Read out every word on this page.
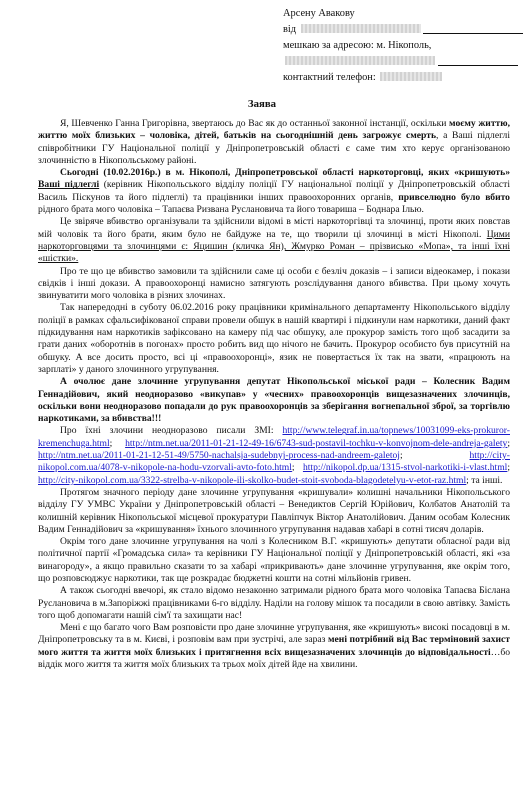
Арсену Авакову
від
мешкаю за адресою: м. Нікополь,

контактний телефон:
Заява

Я, Шевченко Ганна Григорівна, звертаюсь до Вас як до останньої законної інстанції, оскільки моєму життю, життю моїх близьких – чоловіка, дітей, батьків на сьогоднішній день загрожує смерть, а Ваші підлеглі співробітники ГУ Національної поліції у Дніпропетровській області є саме тим хто керує організованою злочинністю в Нікопольському районі.

Сьогодні (10.02.2016р.) в м. Нікополі, Дніпропетровської області наркоторговці, яких «кришують» Ваші підлеглі (керівник Нікопольського відділу поліції ГУ національної поліції у Дніпропетровській області Василь Піскунов та його підлеглі) та працівники інших правоохоронних органів, привселюдно було вбито рідного брата мого чоловіка – Тапаєва Ризвана Руслановича та його товариша – Боднара Ілью.

Це звіряче вбивство організували та здійснили відомі в місті наркоторгівці та злочинці, проти яких повстав мій чоловік та його брати, яким було не байдуже на те, що творили ці злочинці в місті Нікополі. Цими наркоторговцями та злочинцями є: Яцишин (кличка Ян), Жмурко Роман – прізвисько «Мопа», та інші їхні «шістки».

Про те що це вбивство замовили та здійснили саме ці особи є безліч доказів – і записи відеокамер, і покази свідків і інші докази. А правоохоронці намисно затягують розслідування даного вбивства. При цьому хочуть звинуватити мого чоловіка в різних злочинах.

Так напередодні в суботу 06.02.2016 року працівники кримінального департаменту Нікопольського відділу поліції в рамках сфальсифікованої справи провели обшук в нашій квартирі і підкинули нам наркотики, даний факт підкидування нам наркотиків зафіксовано на камеру під час обшуку, але прокурор замість того щоб засадити за грати даних «оборотнів в погонах» просто робить вид що нічого не бачить. Прокурор особисто був присутній на обшуку. А все досить просто, всі ці «правоохоронці», язик не повертається їх так на звати, «працюють на зарплаті» у даного злочинного угрупування.

А очолює дане злочинне угрупування депутат Нікопольської міської ради – Колесник Вадим Геннадійович, який неодноразово «викупав» у «чесних» правоохоронців вищезазначених злочинців, оскільки вони неодноразово попадали до рук правоохоронців за зберігання вогнепальної зброї, за торгівлю наркотиками, за вбивства!!!

Про їхні злочини неодноразово писали ЗМІ: http://www.telegraf.in.ua/topnews/10031099-eks-prokuror-kremenchuga.html; http://ntm.net.ua/2011-01-21-12-49-16/6743-sud-postavil-tochku-v-konvojnom-dele-andreja-galety; http://ntm.net.ua/2011-01-21-12-51-49/5750-nachalsja-sudebnyj-process-nad-andreem-galetoj; http://city-nikopol.com.ua/4078-v-nikopole-na-hodu-vzorvali-avto-foto.html; http://nikopol.dp.ua/1315-stvol-narkotiki-i-vlast.html; http://city-nikopol.com.ua/3322-strelba-v-nikopole-ili-skolko-budet-stoit-svoboda-blagodetelyu-v-etot-raz.html; та інші.

Протягом значного періоду дане злочинне угрупування «кришували» колишні начальники Нікопольського відділу ГУ УМВС України у Дніпропетровській області – Венедиктов Сергій Юрійович, Колбатов Анатолій та колишній керівник Нікопольської місцевої прокуратури Павліпчук Віктор Анатолійович. Даним особам Колесник Вадим Геннадійович за «кришування» їхнього злочинного угрупування надавав хабарі в сотні тисяч доларів.

Окрім того дане злочинне угрупування на чолі з Колесником В.Г. «кришують» депутати обласної ради від політичної партії «Громадська сила» та керівники ГУ Національної поліції у Дніпропетровській області, які «за винагороду», а якщо правильно сказати то за хабарі «прикривають» дане злочинне угрупування, яке окрім того, що розповсюджує наркотики, так ще розкрадає бюджетні кошти на сотні мільйонів гривен.

А також сьогодні ввечорі, як стало відомо незаконно затримали рідного брата мого чоловіка Тапаєва Біслана Руслановича в м.Запоріжжі працівниками 6-го відділу. Наділи на голову мішок та посадили в свою автівку. Замість того щоб допомагати нашій сім'ї та захищати нас!

Мені є що багато чого Вам розповісти про дане злочинне угрупування, яке «кришують» високі посадовці в м. Дніпропетровську та в м. Києві, і розповім вам при зустрічі, але зараз мені потрібний від Вас терміновий захист мого життя та життя моїх близьких і притягнення всіх вищезазначених злочинців до відповідальності…бо віддік мого життя та життя моїх близьких та трьох моїх дітей йде на хвилини.
